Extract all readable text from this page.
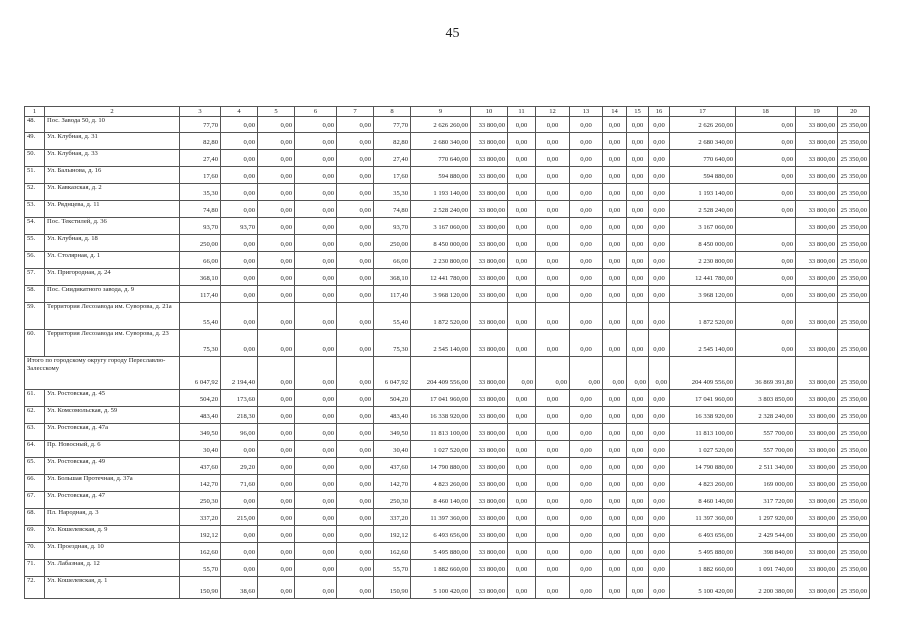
45
1	2	3	4	5	6	7	8	9	10	11	12	13	14	15	16	17	18	19	20
48.	Пос. Завода 50, д. 10	77,70	0,00	0,00	0,00	0,00	77,70	2 626 260,00	33 800,00	0,00	0,00	0,00	0,00	0,00	0,00	2 626 260,00	0,00	33 800,00	25 350,00
49.	Ул. Клубная, д. 31	82,80	0,00	0,00	0,00	0,00	82,80	2 680 340,00	33 800,00	0,00	0,00	0,00	0,00	0,00	0,00	2 680 340,00	0,00	33 800,00	25 350,00
50.	Ул. Клубная, д. 33	27,40	0,00	0,00	0,00	0,00	27,40	770 640,00	33 800,00	0,00	0,00	0,00	0,00	0,00	0,00	770 640,00	0,00	33 800,00	25 350,00
51.	Ул. Балынова, д. 16	17,60	0,00	0,00	0,00	0,00	17,60	594 880,00	33 800,00	0,00	0,00	0,00	0,00	0,00	0,00	594 880,00	0,00	33 800,00	25 350,00
52.	Ул. Кавказская, д. 2	35,30	0,00	0,00	0,00	0,00	35,30	1 193 140,00	33 800,00	0,00	0,00	0,00	0,00	0,00	0,00	1 193 140,00	0,00	33 800,00	25 350,00
53.	Ул. Ряднцева, д. 11	74,80	0,00	0,00	0,00	0,00	74,80	2 528 240,00	33 800,00	0,00	0,00	0,00	0,00	0,00	0,00	2 528 240,00	0,00	33 800,00	25 350,00
54.	Пос. Текстилей, д. 36	93,70	93,70	0,00	0,00	0,00	93,70	3 167 060,00	33 800,00	0,00	0,00	0,00	0,00	0,00	0,00	3 167 060,00		33 800,00	25 350,00
55.	Ул. Клубная, д. 18	250,00	0,00	0,00	0,00	0,00	250,00	8 450 000,00	33 800,00	0,00	0,00	0,00	0,00	0,00	0,00	8 450 000,00	0,00	33 800,00	25 350,00
56.	Ул. Столярная, д. 1	66,00	0,00	0,00	0,00	0,00	66,00	2 230 800,00	33 800,00	0,00	0,00	0,00	0,00	0,00	0,00	2 230 800,00	0,00	33 800,00	25 350,00
57.	Ул. Пригородная, д. 24	368,10	0,00	0,00	0,00	0,00	368,10	12 441 780,00	33 800,00	0,00	0,00	0,00	0,00	0,00	0,00	12 441 780,00	0,00	33 800,00	25 350,00
58.	Пос. Сиидикатного завода, д. 9	117,40	0,00	0,00	0,00	0,00	117,40	3 968 120,00	33 800,00	0,00	0,00	0,00	0,00	0,00	0,00	3 968 120,00	0,00	33 800,00	25 350,00
59.	Территория Лесозавода им. Суворова, д. 21а	55,40	0,00	0,00	0,00	0,00	55,40	1 872 520,00	33 800,00	0,00	0,00	0,00	0,00	0,00	0,00	1 872 520,00	0,00	33 800,00	25 350,00
60.	Территория Лесозавода им. Суворова, д. 23	75,30	0,00	0,00	0,00	0,00	75,30	2 545 140,00	33 800,00	0,00	0,00	0,00	0,00	0,00	0,00	2 545 140,00	0,00	33 800,00	25 350,00
Итого по городскому округу городу Переславлю-Залесскому		6 047,92	2 194,40	0,00	0,00	0,00	6 047,92	204 409 556,00	33 800,00	0,00	0,00	0,00	0,00	0,00	0,00	204 409 556,00	36 869 391,80	33 800,00	25 350,00
61.	Ул. Ростовская, д. 45	504,20	173,60	0,00	0,00	0,00	504,20	17 041 960,00	33 800,00	0,00	0,00	0,00	0,00	0,00	0,00	17 041 960,00	3 803 850,00	33 800,00	25 350,00
62.	Ул. Комсомольская, д. 59	483,40	218,30	0,00	0,00	0,00	483,40	16 338 920,00	33 800,00	0,00	0,00	0,00	0,00	0,00	0,00	16 338 920,00	2 328 240,00	33 800,00	25 350,00
63.	Ул. Ростовская, д. 47а	349,50	96,00	0,00	0,00	0,00	349,50	11 813 100,00	33 800,00	0,00	0,00	0,00	0,00	0,00	0,00	11 813 100,00	557 700,00	33 800,00	25 350,00
64.	Пр. Новосный, д. 6	30,40	0,00	0,00	0,00	0,00	30,40	1 027 520,00	33 800,00	0,00	0,00	0,00	0,00	0,00	0,00	1 027 520,00	557 700,00	33 800,00	25 350,00
65.	Ул. Ростовская, д. 49	437,60	29,20	0,00	0,00	0,00	437,60	14 790 880,00	33 800,00	0,00	0,00	0,00	0,00	0,00	0,00	14 790 880,00	2 511 340,00	33 800,00	25 350,00
66.	Ул. Большая Протечная, д. 37а	142,70	71,60	0,00	0,00	0,00	142,70	4 823 260,00	33 800,00	0,00	0,00	0,00	0,00	0,00	0,00	4 823 260,00	169 000,00	33 800,00	25 350,00
67.	Ул. Ростовская, д. 47	250,30	0,00	0,00	0,00	0,00	250,30	8 460 140,00	33 800,00	0,00	0,00	0,00	0,00	0,00	0,00	8 460 140,00	317 720,00	33 800,00	25 350,00
68.	Пл. Народная, д. 3	337,20	215,00	0,00	0,00	0,00	337,20	11 397 360,00	33 800,00	0,00	0,00	0,00	0,00	0,00	0,00	11 397 360,00	1 297 920,00	33 800,00	25 350,00
69.	Ул. Кошелевская, д. 9	192,12	0,00	0,00	0,00	0,00	192,12	6 493 656,00	33 800,00	0,00	0,00	0,00	0,00	0,00	0,00	6 493 656,00	2 429 544,00	33 800,00	25 350,00
70.	Ул. Проездная, д. 10	162,60	0,00	0,00	0,00	0,00	162,60	5 495 880,00	33 800,00	0,00	0,00	0,00	0,00	0,00	0,00	5 495 880,00	398 840,00	33 800,00	25 350,00
71.	Ул. Лабазная, д. 12	55,70	0,00	0,00	0,00	0,00	55,70	1 882 660,00	33 800,00	0,00	0,00	0,00	0,00	0,00	0,00	1 882 660,00	1 091 740,00	33 800,00	25 350,00
72.	Ул. Кошелевская, д. 1	150,90	38,60	0,00	0,00	0,00	150,90	5 100 420,00	33 800,00	0,00	0,00	0,00	0,00	0,00	0,00	5 100 420,00	2 200 380,00	33 800,00	25 350,00
